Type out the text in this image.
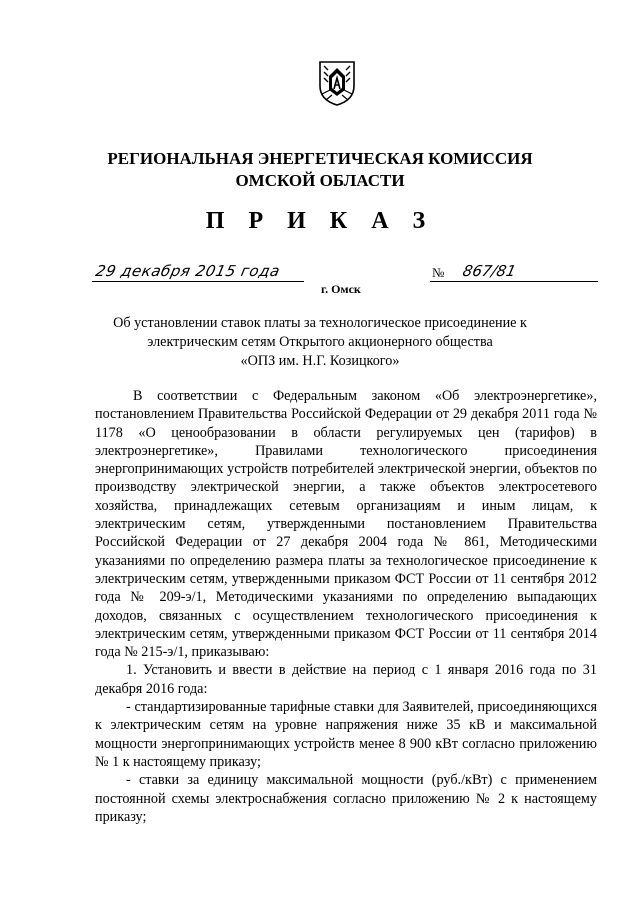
РЕГИОНАЛЬНАЯ ЭНЕРГЕТИЧЕСКАЯ КОМИССИЯ
ОМСКОЙ ОБЛАСТИ
П Р И К А З
29 декабря 2015 года
г. Омск
№ 867/81
Об установлении ставок платы за технологическое присоединение к
электрическим сетям Открытого акционерного общества
«ОПЗ им. Н.Г. Козицкого»

В соответствии с Федеральным законом «Об электроэнергетике», постановлением Правительства Российской Федерации от 29 декабря 2011 года № 1178 «О ценообразовании в области регулируемых цен (тарифов) в электроэнергетике», Правилами технологического присоединения энергопринимающих устройств потребителей электрической энергии, объектов по производству электрической энергии, а также объектов электросетевого хозяйства, принадлежащих сетевым организациям и иным лицам, к электрическим сетям, утвержденными постановлением Правительства Российской Федерации от 27 декабря 2004 года № 861, Методическими указаниями по определению размера платы за технологическое присоединение к электрическим сетям, утвержденными приказом ФСТ России от 11 сентября 2012 года № 209-э/1, Методическими указаниями по определению выпадающих доходов, связанных с осуществлением технологического присоединения к электрическим сетям, утвержденными приказом ФСТ России от 11 сентября 2014 года № 215-э/1, приказываю:

1. Установить и ввести в действие на период с 1 января 2016 года по 31 декабря 2016 года:

- стандартизированные тарифные ставки для Заявителей, присоединяющихся к электрическим сетям на уровне напряжения ниже 35 кВ и максимальной мощности энергопринимающих устройств менее 8 900 кВт согласно приложению № 1 к настоящему приказу;

- ставки за единицу максимальной мощности (руб./кВт) с применением постоянной схемы электроснабжения согласно приложению № 2 к настоящему приказу;
